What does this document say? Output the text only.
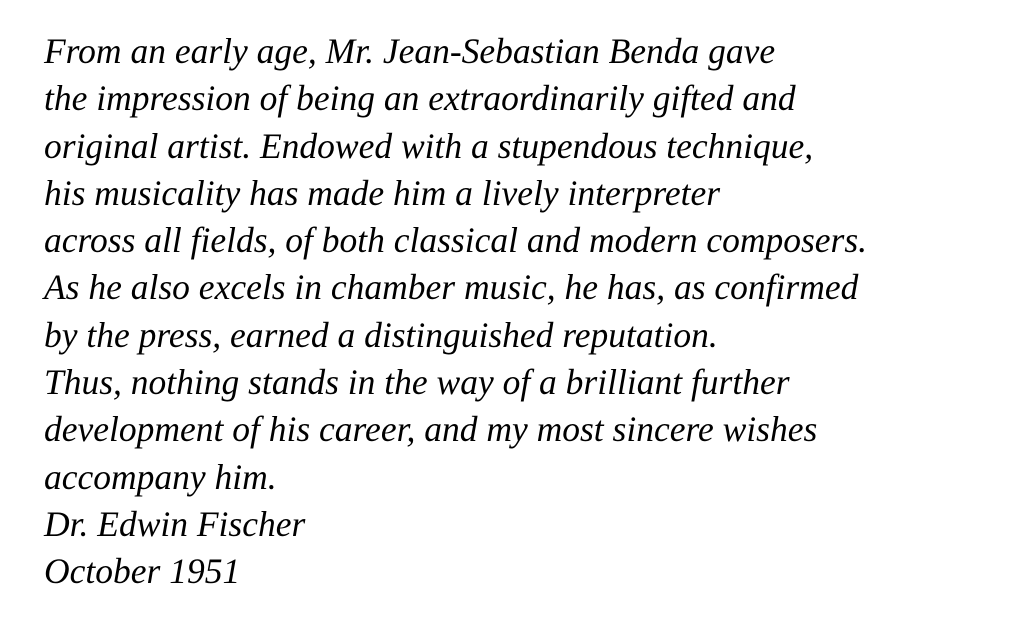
From an early age, Mr. Jean-Sebastian Benda gave
the impression of being an extraordinarily gifted and
original artist. Endowed with a stupendous technique,
his musicality has made him a lively interpreter
across all fields, of both classical and modern composers.
As he also excels in chamber music, he has, as confirmed
by the press, earned a distinguished reputation.
Thus, nothing stands in the way of a brilliant further
development of his career, and my most sincere wishes
accompany him.
Dr. Edwin Fischer
October 1951
